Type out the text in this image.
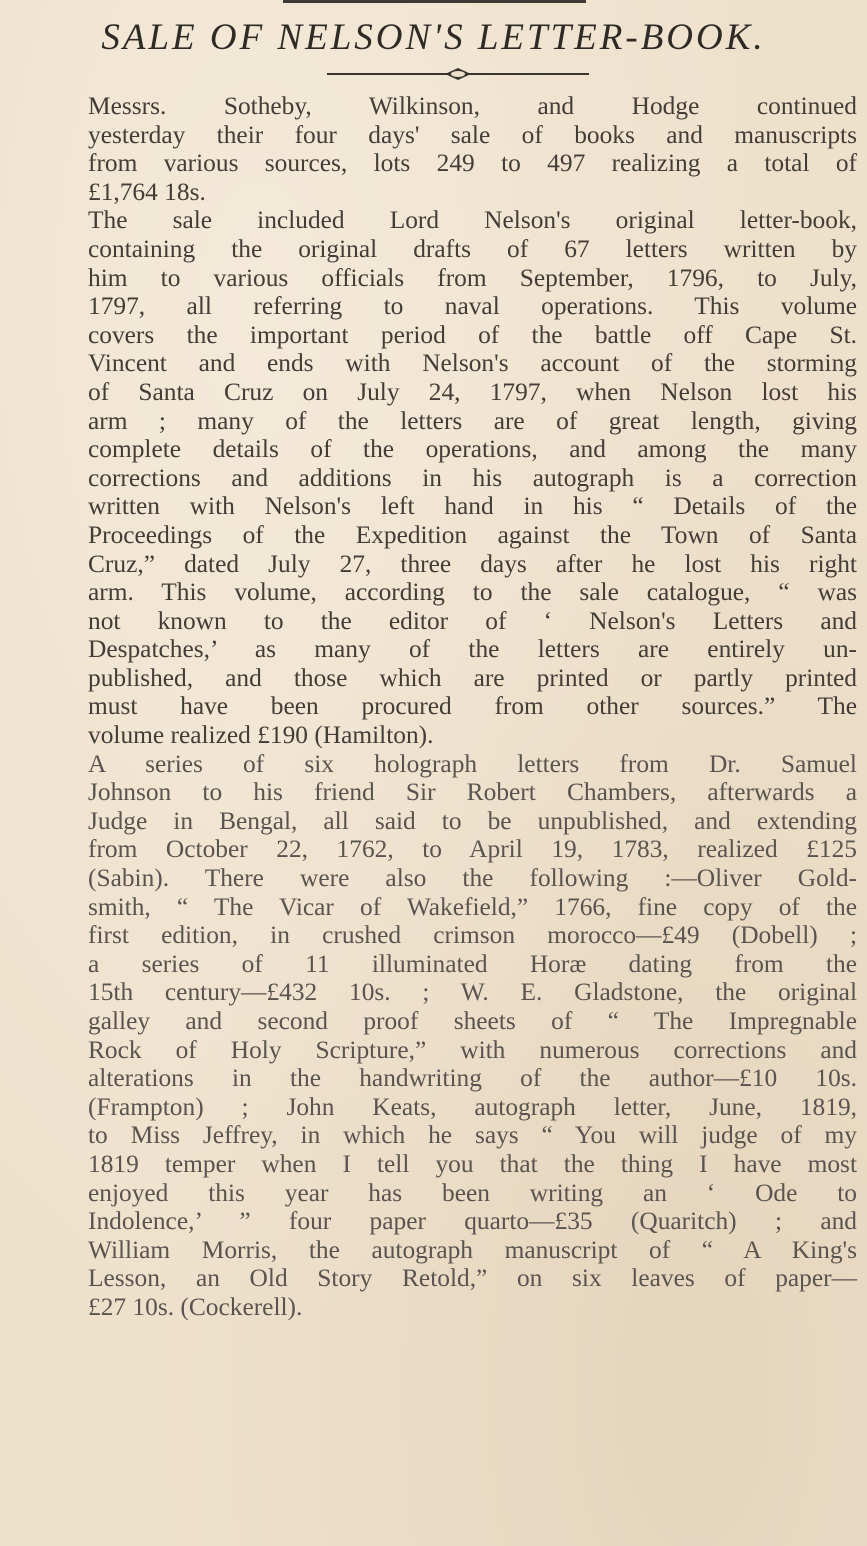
SALE OF NELSON'S LETTER-BOOK.

Messrs. Sotheby, Wilkinson, and Hodge continued
yesterday their four days' sale of books and manuscripts
from various sources, lots 249 to 497 realizing a total of
£1,764 18s.

The sale included Lord Nelson's original letter-book,
containing the original drafts of 67 letters written by
him to various officials from September, 1796, to July,
1797, all referring to naval operations. This volume
covers the important period of the battle off Cape St.
Vincent and ends with Nelson's account of the storming
of Santa Cruz on July 24, 1797, when Nelson lost his
arm ; many of the letters are of great length, giving
complete details of the operations, and among the many
corrections and additions in his autograph is a correction
written with Nelson's left hand in his “ Details of the
Proceedings of the Expedition against the Town of Santa
Cruz,” dated July 27, three days after he lost his right
arm. This volume, according to the sale catalogue, “ was
not known to the editor of ‘ Nelson's Letters and
Despatches,’ as many of the letters are entirely un-
published, and those which are printed or partly printed
must have been procured from other sources.” The
volume realized £190 (Hamilton).

A series of six holograph letters from Dr. Samuel
Johnson to his friend Sir Robert Chambers, afterwards a
Judge in Bengal, all said to be unpublished, and extending
from October 22, 1762, to April 19, 1783, realized £125
(Sabin). There were also the following :—Oliver Gold-
smith, “ The Vicar of Wakefield,” 1766, fine copy of the
first edition, in crushed crimson morocco—£49 (Dobell) ;
a series of 11 illuminated Horæ dating from the
15th century—£432 10s. ; W. E. Gladstone, the original
galley and second proof sheets of “ The Impregnable
Rock of Holy Scripture,” with numerous corrections and
alterations in the handwriting of the author—£10 10s.
(Frampton) ; John Keats, autograph letter, June, 1819,
to Miss Jeffrey, in which he says “ You will judge of my
1819 temper when I tell you that the thing I have most
enjoyed this year has been writing an ‘ Ode to
Indolence,’ ” four paper quarto—£35 (Quaritch) ; and
William Morris, the autograph manuscript of “ A King's
Lesson, an Old Story Retold,” on six leaves of paper—
£27 10s. (Cockerell).
